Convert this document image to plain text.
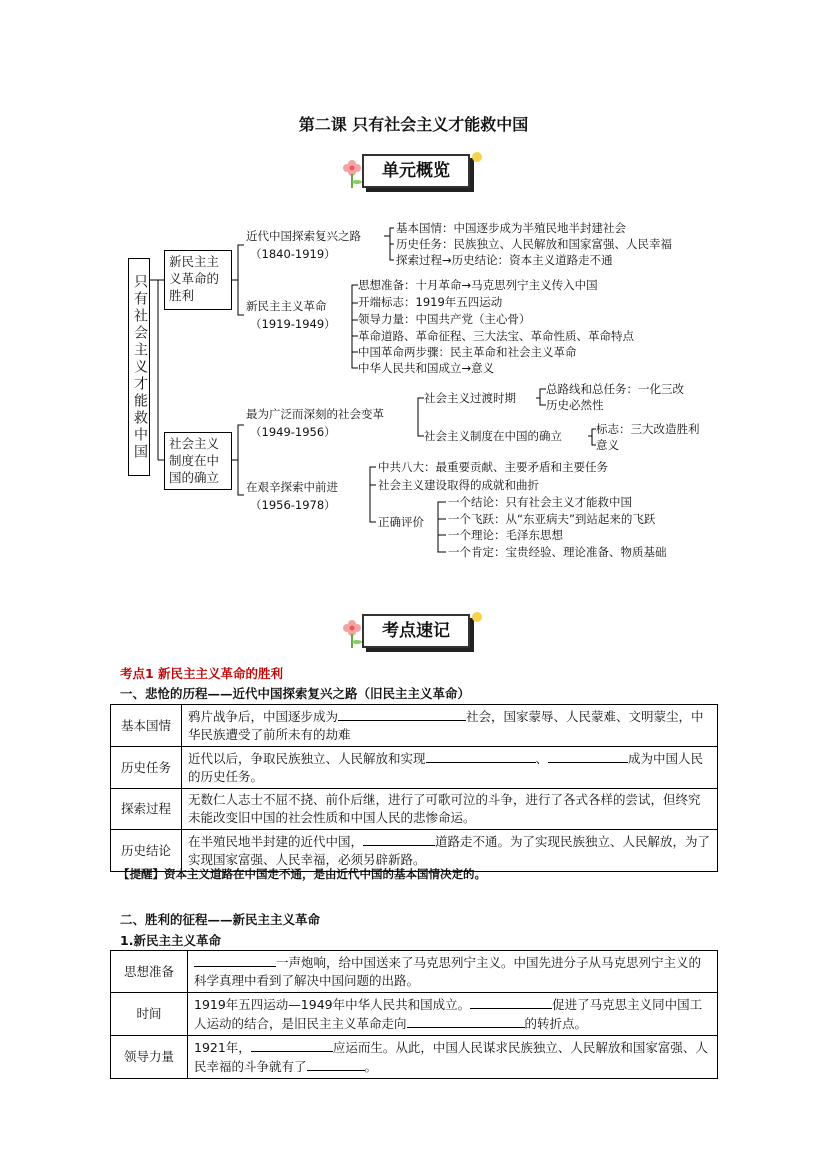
第二课 只有社会主义才能救中国
单元概览
只有社会主义才能救中国
新民主主义革命的胜利
社会主义制度在中国的确立
近代中国探索复兴之路
（1840-1919）
基本国情：中国逐步成为半殖民地半封建社会
历史任务：民族独立、人民解放和国家富强、人民幸福
探索过程→历史结论：资本主义道路走不通
新民主主义革命
（1919-1949）
思想准备：十月革命→马克思列宁主义传入中国
开端标志：1919年五四运动
领导力量：中国共产党（主心骨）
革命道路、革命征程、三大法宝、革命性质、革命特点
中国革命两步骤：民主革命和社会主义革命
中华人民共和国成立→意义
最为广泛而深刻的社会变革
（1949-1956）
社会主义过渡时期
总路线和总任务：一化三改
历史必然性
社会主义制度在中国的确立	标志：三大改造胜利
意义
在艰辛探索中前进
（1956-1978）
中共八大：最重要贡献、主要矛盾和主要任务
社会主义建设取得的成就和曲折
正确评价
一个结论：只有社会主义才能救中国
一个飞跃：从“东亚病夫”到站起来的飞跃
一个理论：毛泽东思想
一个肯定：宝贵经验、理论准备、物质基础
考点速记
考点1 新民主主义革命的胜利
一、悲怆的历程——近代中国探索复兴之路（旧民主主义革命）
基本国情	鸦片战争后，中国逐步成为 社会，国家蒙辱、人民蒙难、文明蒙尘，中华民族遭受了前所未有的劫难
历史任务	近代以后，争取民族独立、人民解放和实现 、 成为中国人民的历史任务。
探索过程	无数仁人志士不屈不挠、前仆后继，进行了可歌可泣的斗争，进行了各式各样的尝试，但终究未能改变旧中国的社会性质和中国人民的悲惨命运。
历史结论	在半殖民地半封建的近代中国， 道路走不通。为了实现民族独立、人民解放，为了实现国家富强、人民幸福，必须另辟新路。
【提醒】资本主义道路在中国走不通，是由近代中国的基本国情决定的。
二、胜利的征程——新民主主义革命
1.新民主主义革命
思想准备	一声炮响，给中国送来了马克思列宁主义。中国先进分子从马克思列宁主义的科学真理中看到了解决中国问题的出路。
时间	1919年五四运动—1949年中华人民共和国成立。 促进了马克思主义同中国工人运动的结合，是旧民主主义革命走向 的转折点。
领导力量	1921年， 应运而生。从此，中国人民谋求民族独立、人民解放和国家富强、人民幸福的斗争就有了 。
